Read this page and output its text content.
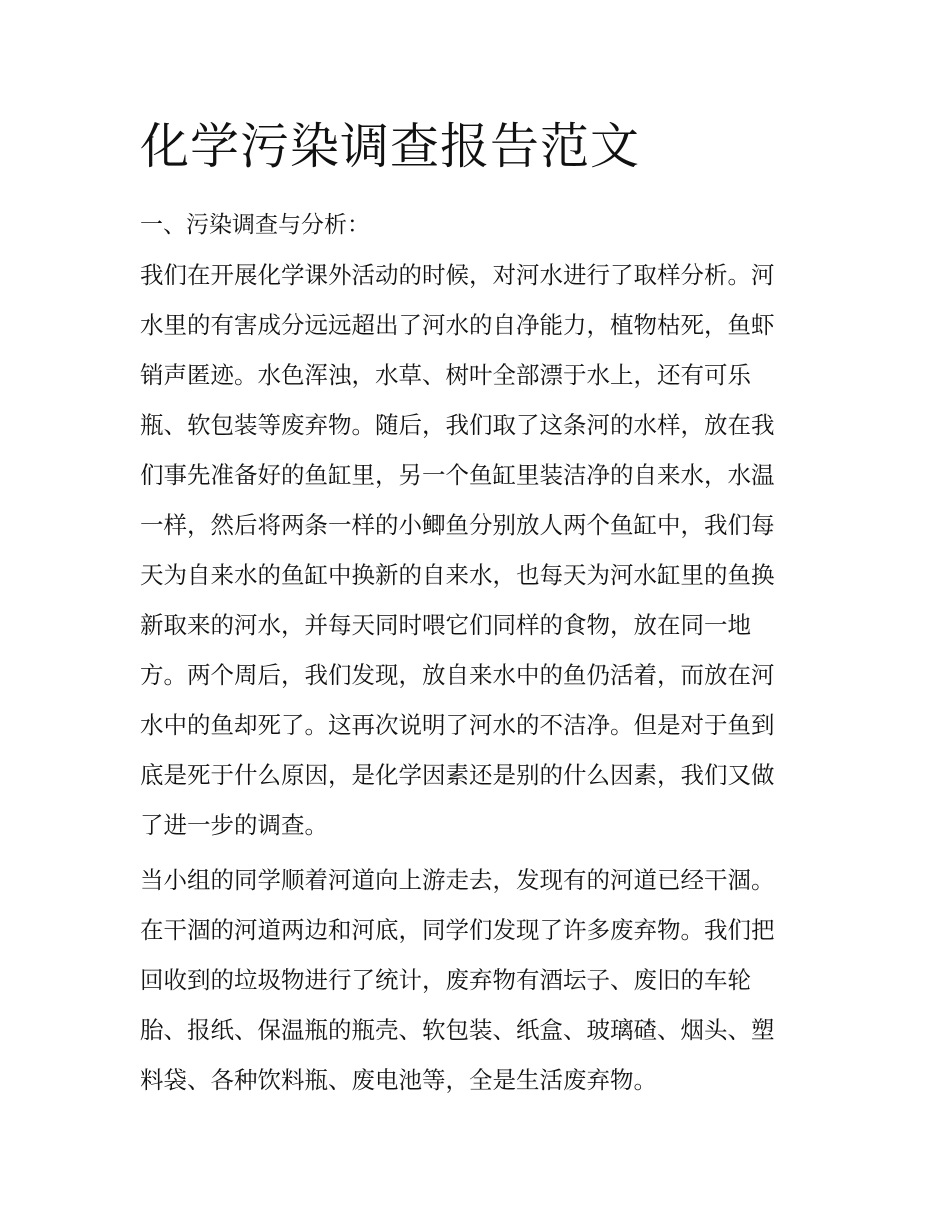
化学污染调查报告范文
一、污染调查与分析：

我们在开展化学课外活动的时候，对河水进行了取样分析。河

水里的有害成分远远超出了河水的自净能力，植物枯死，鱼虾

销声匿迹。水色浑浊，水草、树叶全部漂于水上，还有可乐

瓶、软包装等废弃物。随后，我们取了这条河的水样，放在我

们事先准备好的鱼缸里，另一个鱼缸里装洁净的自来水，水温

一样，然后将两条一样的小鲫鱼分别放人两个鱼缸中，我们每

天为自来水的鱼缸中换新的自来水，也每天为河水缸里的鱼换

新取来的河水，并每天同时喂它们同样的食物，放在同一地

方。两个周后，我们发现，放自来水中的鱼仍活着，而放在河

水中的鱼却死了。这再次说明了河水的不洁净。但是对于鱼到

底是死于什么原因，是化学因素还是别的什么因素，我们又做

了进一步的调查。

当小组的同学顺着河道向上游走去，发现有的河道已经干涸。

在干涸的河道两边和河底，同学们发现了许多废弃物。我们把

回收到的垃圾物进行了统计，废弃物有酒坛子、废旧的车轮

胎、报纸、保温瓶的瓶壳、软包装、纸盒、玻璃碴、烟头、塑

料袋、各种饮料瓶、废电池等，全是生活废弃物。
